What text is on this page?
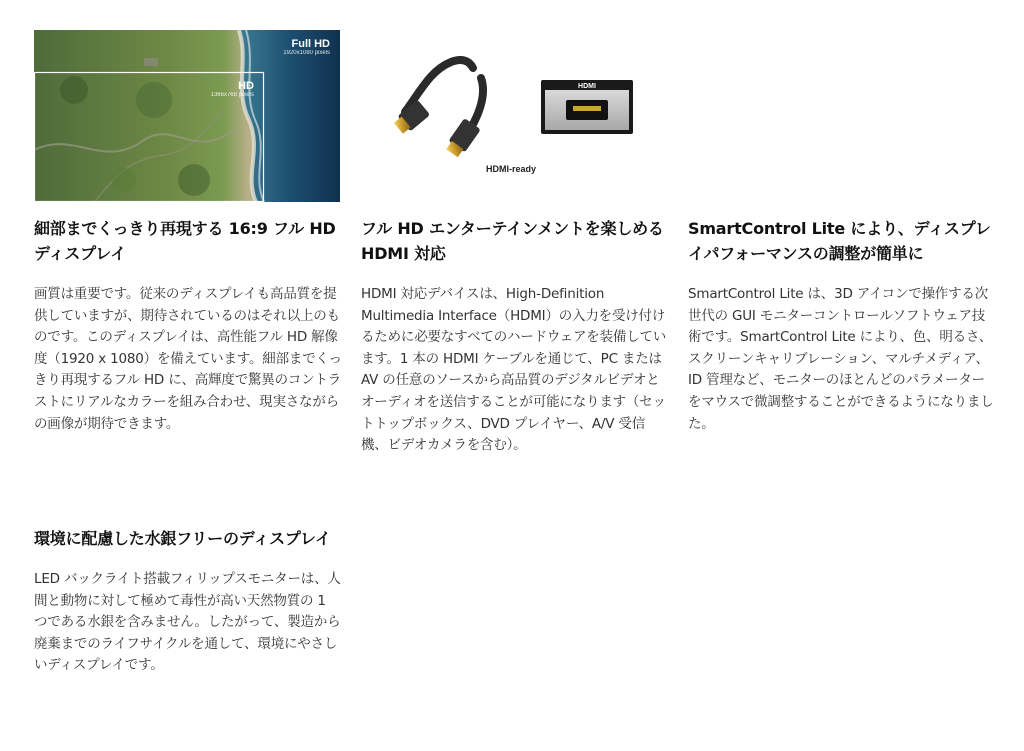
Full HD
1920x1080 pixels
HD
1366x768 pixels
HDMI
HDMI-ready
細部までくっきり再現する 16:9 フル HD ディスプレイ

画質は重要です。従来のディスプレイも高品質を提供していますが、期待されているのはそれ以上のものです。このディスプレイは、高性能フル HD 解像度（1920 x 1080）を備えています。細部までくっきり再現するフル HD に、高輝度で驚異のコントラストにリアルなカラーを組み合わせ、現実さながらの画像が期待できます。

フル HD エンターテインメントを楽しめる HDMI 対応

HDMI 対応デバイスは、High-Definition Multimedia Interface（HDMI）の入力を受け付けるために必要なすべてのハードウェアを装備しています。1 本の HDMI ケーブルを通じて、PC または AV の任意のソースから高品質のデジタルビデオとオーディオを送信することが可能になります（セットトップボックス、DVD プレイヤー、A/V 受信機、ビデオカメラを含む）。

SmartControl Lite により、ディスプレイパフォーマンスの調整が簡単に

SmartControl Lite は、3D アイコンで操作する次世代の GUI モニターコントロールソフトウェア技術です。SmartControl Lite により、色、明るさ、スクリーンキャリブレーション、マルチメディア、ID 管理など、モニターのほとんどのパラメーターをマウスで微調整することができるようになりました。

環境に配慮した水銀フリーのディスプレイ

LED バックライト搭載フィリップスモニターは、人間と動物に対して極めて毒性が高い天然物質の 1 つである水銀を含みません。したがって、製造から廃棄までのライフサイクルを通して、環境にやさしいディスプレイです。
